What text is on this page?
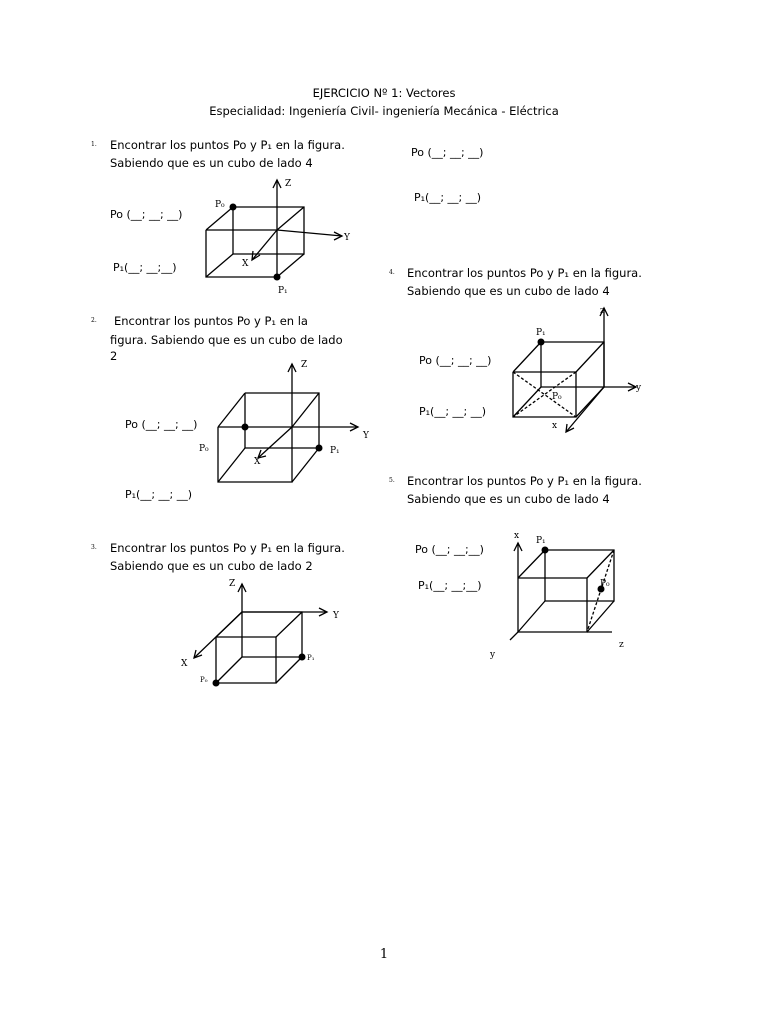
EJERCICIO Nº 1: Vectores
Especialidad: Ingeniería Civil- ingeniería Mecánica - Eléctrica
1. Encontrar los puntos Po y P₁ en la figura.
Sabiendo que es un cubo de lado 4
Po (__; __; __)
P₁(__; __;__)
Z
Y
X
P₀
P₁
2. Encontrar los puntos Po y P₁ en la
figura. Sabiendo que es un cubo de lado
2
Po (__; __; __)
P₁(__; __; __)
Z
Y
X
P₀	P₁
3. Encontrar los puntos Po y P₁ en la figura.
Sabiendo que es un cubo de lado 2
Z
Y
X
P₀
P₁
Po (__; __; __)
P₁(__; __; __)
4. Encontrar los puntos Po y P₁ en la figura.
Sabiendo que es un cubo de lado 4
Po (__; __; __)
P₁(__; __; __)
z
y
x
P₀
P₁
5. Encontrar los puntos Po y P₁ en la figura.
Sabiendo que es un cubo de lado 4
Po (__; __;__)
P₁(__; __;__)
x
y
z
P₁
P₀
1
